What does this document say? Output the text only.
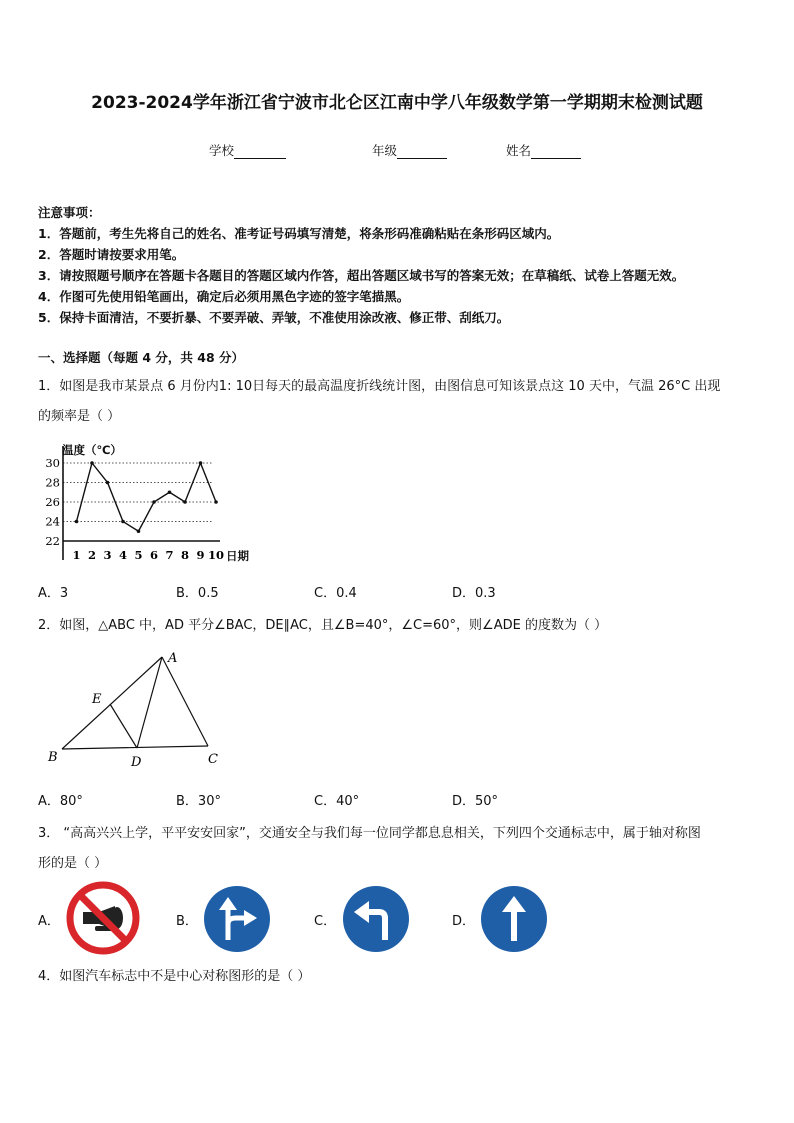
2023-2024学年浙江省宁波市北仑区江南中学八年级数学第一学期期末检测试题
学校	年级	姓名
注意事项：
1．答题前，考生先将自己的姓名、准考证号码填写清楚，将条形码准确粘贴在条形码区域内。
2．答题时请按要求用笔。
3．请按照题号顺序在答题卡各题目的答题区域内作答，超出答题区域书写的答案无效；在草稿纸、试卷上答题无效。
4．作图可先使用铅笔画出，确定后必须用黑色字迹的签字笔描黑。
5．保持卡面清洁，不要折暴、不要弄破、弄皱，不准使用涂改液、修正带、刮纸刀。
一、选择题（每题 4 分，共 48 分）
1．如图是我市某景点 6 月份内1: 10日每天的最高温度折线统计图，由图信息可知该景点这 10 天中，气温 26°C 出现
的频率是（ ）
温度（℃）
日期
22
24
26
28
30
1 2 3 4 5 6 7 8 9 10
A．3	B．0.5	C．0.4	D．0.3
2．如图，△ABC 中，AD 平分∠BAC，DE∥AC，且∠B=40°，∠C=60°，则∠ADE 的度数为（ ）
A
B	C
D
E
A．80°	B．30°	C．40°	D．50°
3． “高高兴兴上学，平平安安回家”，交通安全与我们每一位同学都息息相关，下列四个交通标志中，属于轴对称图
形的是（ ）
A．	B．	C．	D．
4．如图汽车标志中不是中心对称图形的是（ ）
